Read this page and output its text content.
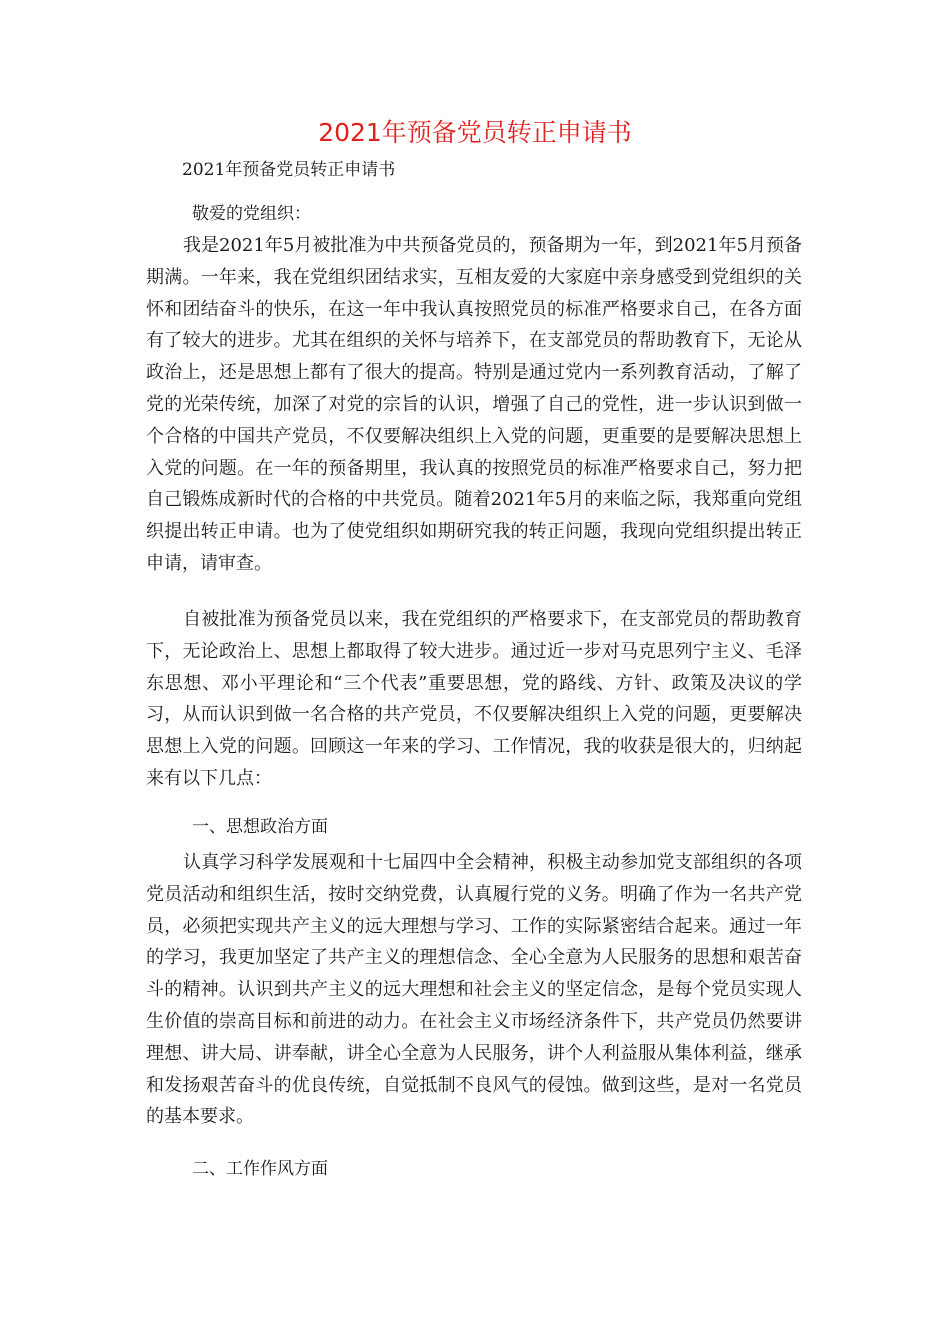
2021年预备党员转正申请书

2021年预备党员转正申请书

敬爱的党组织：

我是2021年5月被批准为中共预备党员的，预备期为一年，到2021年5月预备期满。一年来，我在党组织团结求实，互相友爱的大家庭中亲身感受到党组织的关怀和团结奋斗的快乐，在这一年中我认真按照党员的标准严格要求自己，在各方面有了较大的进步。尤其在组织的关怀与培养下，在支部党员的帮助教育下，无论从政治上，还是思想上都有了很大的提高。特别是通过党内一系列教育活动，了解了党的光荣传统，加深了对党的宗旨的认识，增强了自己的党性，进一步认识到做一个合格的中国共产党员，不仅要解决组织上入党的问题，更重要的是要解决思想上入党的问题。在一年的预备期里，我认真的按照党员的标准严格要求自己，努力把自己锻炼成新时代的合格的中共党员。随着2021年5月的来临之际，我郑重向党组织提出转正申请。也为了使党组织如期研究我的转正问题，我现向党组织提出转正申请，请审查。

自被批准为预备党员以来，我在党组织的严格要求下，在支部党员的帮助教育下，无论政治上、思想上都取得了较大进步。通过近一步对马克思列宁主义、毛泽东思想、邓小平理论和“三个代表”重要思想，党的路线、方针、政策及决议的学习，从而认识到做一名合格的共产党员，不仅要解决组织上入党的问题，更要解决思想上入党的问题。回顾这一年来的学习、工作情况，我的收获是很大的，归纳起来有以下几点：

一、思想政治方面

认真学习科学发展观和十七届四中全会精神，积极主动参加党支部组织的各项党员活动和组织生活，按时交纳党费，认真履行党的义务。明确了作为一名共产党员，必须把实现共产主义的远大理想与学习、工作的实际紧密结合起来。通过一年的学习，我更加坚定了共产主义的理想信念、全心全意为人民服务的思想和艰苦奋斗的精神。认识到共产主义的远大理想和社会主义的坚定信念，是每个党员实现人生价值的崇高目标和前进的动力。在社会主义市场经济条件下，共产党员仍然要讲理想、讲大局、讲奉献，讲全心全意为人民服务，讲个人利益服从集体利益，继承和发扬艰苦奋斗的优良传统，自觉抵制不良风气的侵蚀。做到这些，是对一名党员的基本要求。

二、工作作风方面
